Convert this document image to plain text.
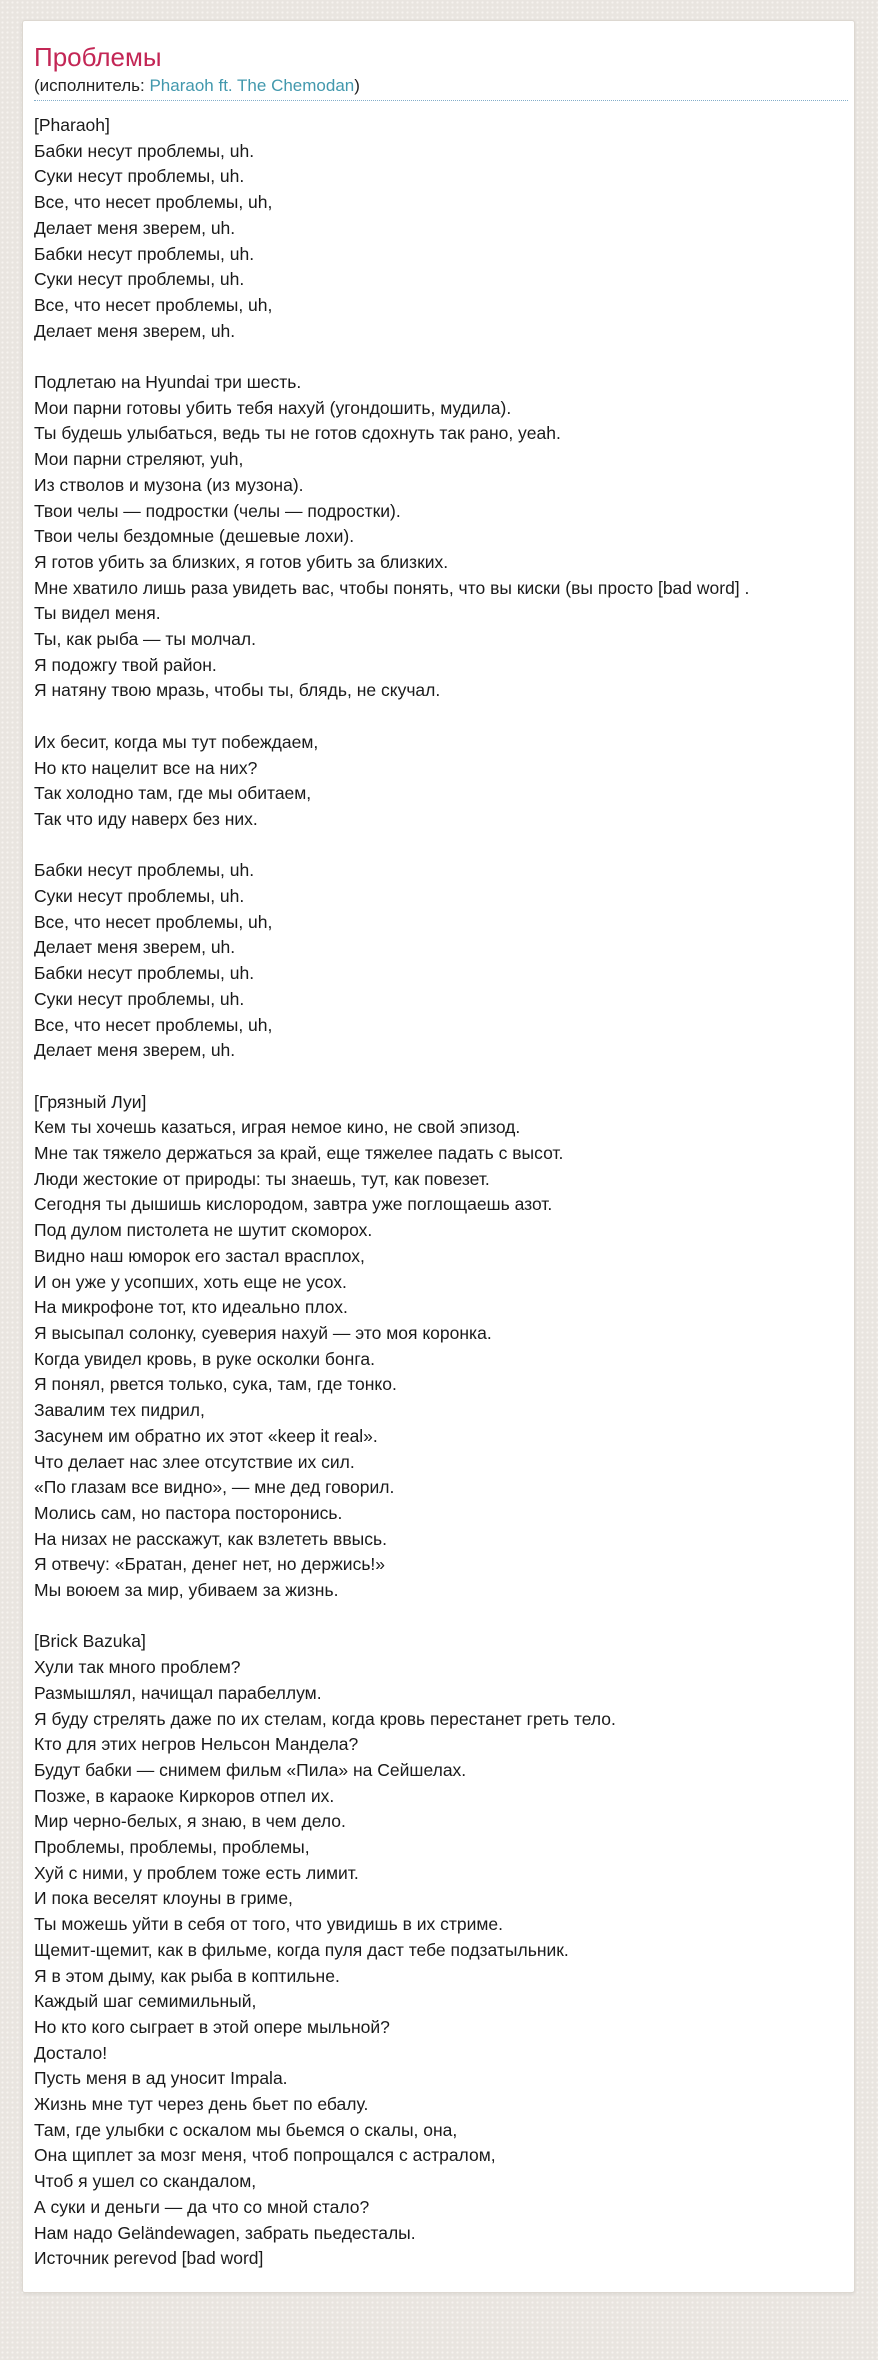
Проблемы
(исполнитель: Pharaoh ft. The Chemodan)
[Pharaoh]
Бабки несут проблемы, uh.
Суки несут проблемы, uh.
Все, что несет проблемы, uh,
Делает меня зверем, uh.
Бабки несут проблемы, uh.
Суки несут проблемы, uh.
Все, что несет проблемы, uh,
Делает меня зверем, uh.
Подлетаю на Hyundai три шесть.
Мои парни готовы убить тебя нахуй (угондошить, мудила).
Ты будешь улыбаться, ведь ты не готов сдохнуть так рано, yeah.
Мои парни стреляют, yuh,
Из стволов и музона (из музона).
Твои челы — подростки (челы — подростки).
Твои челы бездомные (дешевые лохи).
Я готов убить за близких, я готов убить за близких.
Мне хватило лишь раза увидеть вас, чтобы понять, что вы киски (вы просто [bad word] .
Ты видел меня.
Ты, как рыба — ты молчал.
Я подожгу твой район.
Я натяну твою мразь, чтобы ты, блядь, не скучал.
Их бесит, когда мы тут побеждаем,
Но кто нацелит все на них?
Так холодно там, где мы обитаем,
Так что иду наверх без них.
Бабки несут проблемы, uh.
Суки несут проблемы, uh.
Все, что несет проблемы, uh,
Делает меня зверем, uh.
Бабки несут проблемы, uh.
Суки несут проблемы, uh.
Все, что несет проблемы, uh,
Делает меня зверем, uh.
[Грязный Луи]
Кем ты хочешь казаться, играя немое кино, не свой эпизод.
Мне так тяжело держаться за край, еще тяжелее падать с высот.
Люди жестокие от природы: ты знаешь, тут, как повезет.
Сегодня ты дышишь кислородом, завтра уже поглощаешь азот.
Под дулом пистолета не шутит скоморох.
Видно наш юморок его застал врасплох,
И он уже у усопших, хоть еще не усох.
На микрофоне тот, кто идеально плох.
Я высыпал солонку, суеверия нахуй — это моя коронка.
Когда увидел кровь, в руке осколки бонга.
Я понял, рвется только, сука, там, где тонко.
Завалим тех пидрил,
Засунем им обратно их этот «keep it real».
Что делает нас злее отсутствие их сил.
«По глазам все видно», — мне дед говорил.
Молись сам, но пастора посторонись.
На низах не расскажут, как взлететь ввысь.
Я отвечу: «Братан, денег нет, но держись!»
Мы воюем за мир, убиваем за жизнь.
[Brick Bazuka]
Хули так много проблем?
Размышлял, начищал парабеллум.
Я буду стрелять даже по их стелам, когда кровь перестанет греть тело.
Кто для этих негров Нельсон Мандела?
Будут бабки — снимем фильм «Пила» на Сейшелах.
Позже, в караоке Киркоров отпел их.
Мир черно-белых, я знаю, в чем дело.
Проблемы, проблемы, проблемы,
Хуй с ними, у проблем тоже есть лимит.
И пока веселят клоуны в гриме,
Ты можешь уйти в себя от того, что увидишь в их стриме.
Щемит-щемит, как в фильме, когда пуля даст тебе подзатыльник.
Я в этом дыму, как рыба в коптильне.
Каждый шаг семимильный,
Но кто кого сыграет в этой опере мыльной?
Достало!
Пусть меня в ад уносит Impala.
Жизнь мне тут через день бьет по ебалу.
Там, где улыбки с оскалом мы бьемся о скалы, она,
Она щиплет за мозг меня, чтоб попрощался с астралом,
Чтоб я ушел со скандалом,
А суки и деньги — да что со мной стало?
Нам надо Geländewagen, забрать пьедесталы.
Источник perevod [bad word]
